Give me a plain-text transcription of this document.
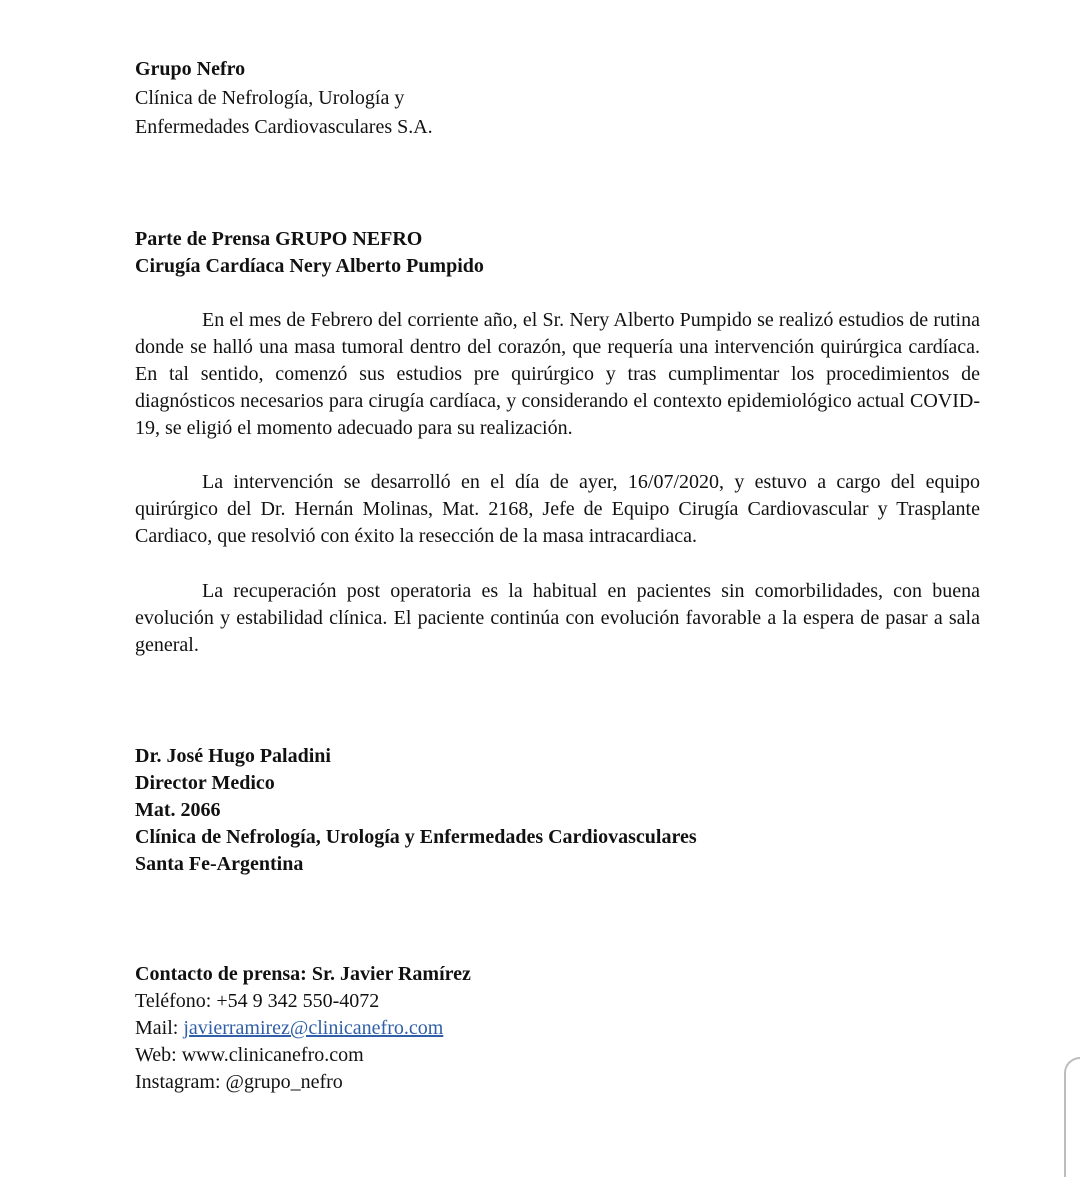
Grupo Nefro
Clínica de Nefrología, Urología y
Enfermedades Cardiovasculares S.A.
Parte de Prensa GRUPO NEFRO
Cirugía Cardíaca Nery Alberto Pumpido
En el mes de Febrero del corriente año, el Sr. Nery Alberto Pumpido se realizó estudios de rutina donde se halló una masa tumoral dentro del corazón, que requería una intervención quirúrgica cardíaca. En tal sentido, comenzó sus estudios pre quirúrgico y tras cumplimentar los procedimientos de diagnósticos necesarios para cirugía cardíaca, y considerando el contexto epidemiológico actual COVID-19, se eligió el momento adecuado para su realización.
La intervención se desarrolló en el día de ayer, 16/07/2020, y estuvo a cargo del equipo quirúrgico del Dr. Hernán Molinas, Mat. 2168, Jefe de Equipo Cirugía Cardiovascular y Trasplante Cardiaco, que resolvió con éxito la resección de la masa intracardiaca.
La recuperación post operatoria es la habitual en pacientes sin comorbilidades, con buena evolución y estabilidad clínica. El paciente continúa con evolución favorable a la espera de pasar a sala general.
Dr. José Hugo Paladini
Director Medico
Mat. 2066
Clínica de Nefrología, Urología y Enfermedades Cardiovasculares
Santa Fe-Argentina
Contacto de prensa: Sr. Javier Ramírez
Teléfono: +54 9 342 550-4072
Mail: javierramirez@clinicanefro.com
Web: www.clinicanefro.com
Instagram: @grupo_nefro
